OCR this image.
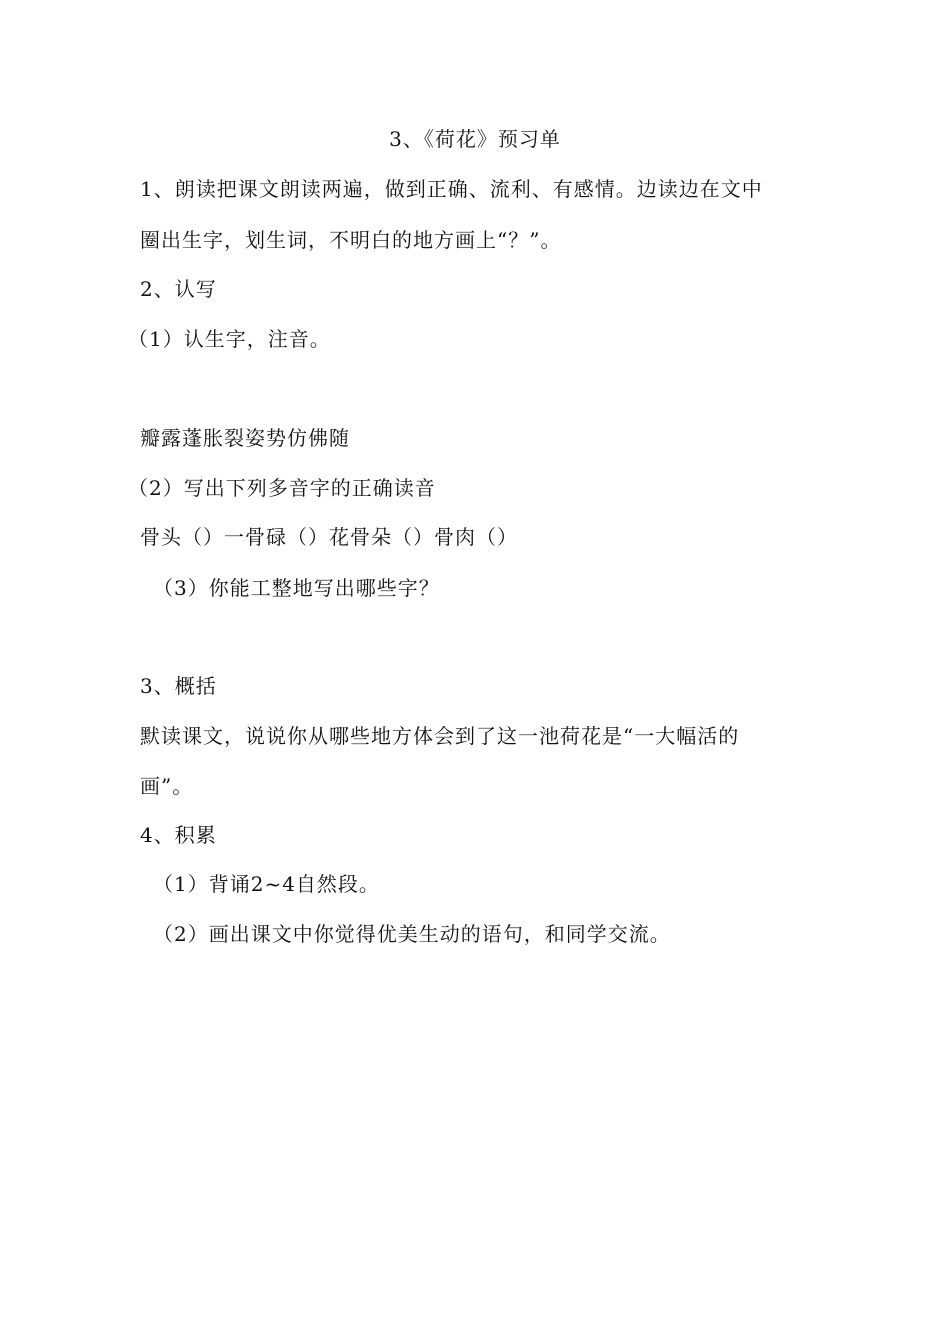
3、《荷花》预习单
1、朗读把课文朗读两遍，做到正确、流利、有感情。边读边在文中
圈出生字，划生词，不明白的地方画上“？”。
2、认写
（1）认生字，注音。
瓣露蓬胀裂姿势仿佛随
（2）写出下列多音字的正确读音
骨头（）一骨碌（）花骨朵（）骨肉（）
（3）你能工整地写出哪些字？
3、概括
默读课文，说说你从哪些地方体会到了这一池荷花是“一大幅活的
画”。
4、积累
（1）背诵2~4自然段。
（2）画出课文中你觉得优美生动的语句，和同学交流。
